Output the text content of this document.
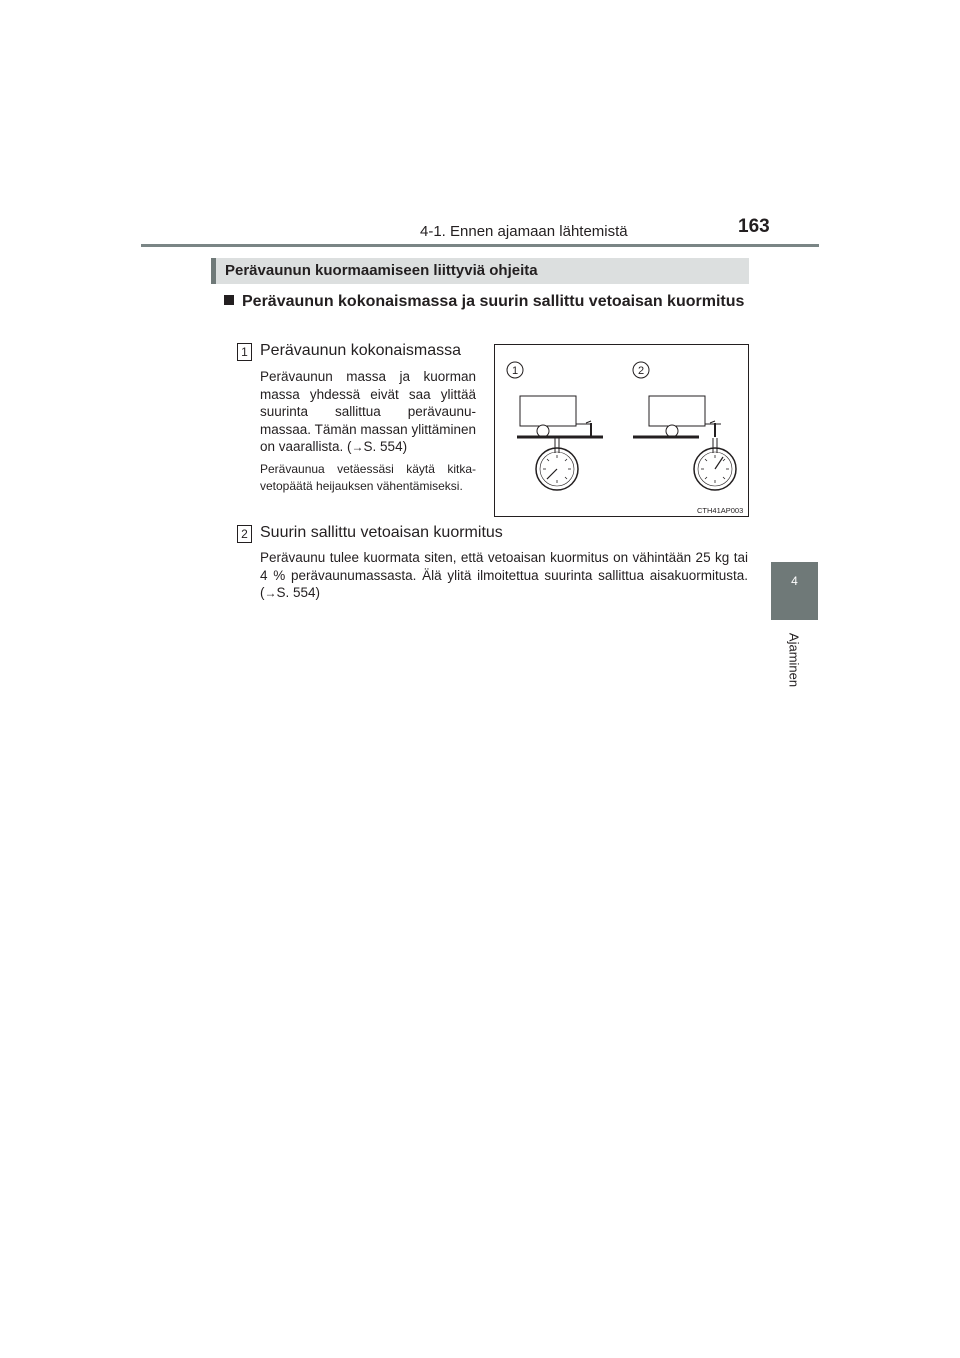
4-1. Ennen ajamaan lähtemistä	163
4
Ajaminen
Perävaunun kuormaamiseen liittyviä ohjeita
Perävaunun kokonaismassa ja suurin sallittu vetoaisan kuormitus
1 Perävaunun kokonaismassa
Perävaunun massa ja kuorman massa yhdessä eivät saa ylittää suurinta sallittua perävaunumassaa. Tämän massan ylittäminen on vaarallista. (→S. 554)
Perävaunua vetäessäsi käytä kitkavetopäätä heijauksen vähentämiseksi.
1	2
CTH41AP003
2 Suurin sallittu vetoaisan kuormitus
Perävaunu tulee kuormata siten, että vetoaisan kuormitus on vähintään 25 kg tai 4 % perävaunumassasta. Älä ylitä ilmoitettua suurinta sallittua aisakuormitusta. (→S. 554)
